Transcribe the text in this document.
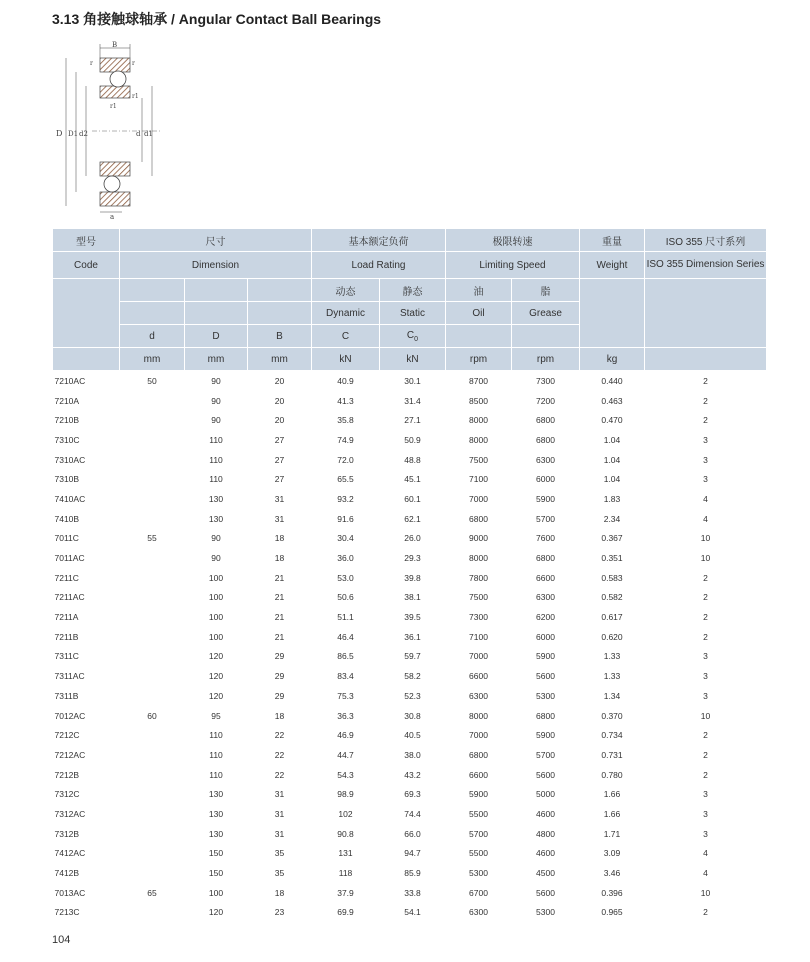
3.13 角接触球轴承 / Angular Contact Ball Bearings
B
r	r
r1
r1
D D1 d2	d d1
a
型号	尺寸			基本额定负荷		极限转速		重量	ISO 355 尺寸系列
Code	Dimension			Load Rating		Limiting Speed		Weight	ISO 355 Dimension Series
				动态	静态	油	脂		
				Dynamic	Static	Oil	Grease		
	d	D	B	C	$C_0$		
	mm	mm	mm	kN	kN	rpm	rpm	kg	
7210AC	50	90	20	40.9	30.1	8700	7300	0.440	2
7210A		90	20	41.3	31.4	8500	7200	0.463	2
7210B		90	20	35.8	27.1	8000	6800	0.470	2
7310C		110	27	74.9	50.9	8000	6800	1.04	3
7310AC		110	27	72.0	48.8	7500	6300	1.04	3
7310B		110	27	65.5	45.1	7100	6000	1.04	3
7410AC		130	31	93.2	60.1	7000	5900	1.83	4
7410B		130	31	91.6	62.1	6800	5700	2.34	4
7011C	55	90	18	30.4	26.0	9000	7600	0.367	10
7011AC		90	18	36.0	29.3	8000	6800	0.351	10
7211C		100	21	53.0	39.8	7800	6600	0.583	2
7211AC		100	21	50.6	38.1	7500	6300	0.582	2
7211A		100	21	51.1	39.5	7300	6200	0.617	2
7211B		100	21	46.4	36.1	7100	6000	0.620	2
7311C		120	29	86.5	59.7	7000	5900	1.33	3
7311AC		120	29	83.4	58.2	6600	5600	1.33	3
7311B		120	29	75.3	52.3	6300	5300	1.34	3
7012AC	60	95	18	36.3	30.8	8000	6800	0.370	10
7212C		110	22	46.9	40.5	7000	5900	0.734	2
7212AC		110	22	44.7	38.0	6800	5700	0.731	2
7212B		110	22	54.3	43.2	6600	5600	0.780	2
7312C		130	31	98.9	69.3	5900	5000	1.66	3
7312AC		130	31	102	74.4	5500	4600	1.66	3
7312B		130	31	90.8	66.0	5700	4800	1.71	3
7412AC		150	35	131	94.7	5500	4600	3.09	4
7412B		150	35	118	85.9	5300	4500	3.46	4
7013AC	65	100	18	37.9	33.8	6700	5600	0.396	10
7213C		120	23	69.9	54.1	6300	5300	0.965	2
104
